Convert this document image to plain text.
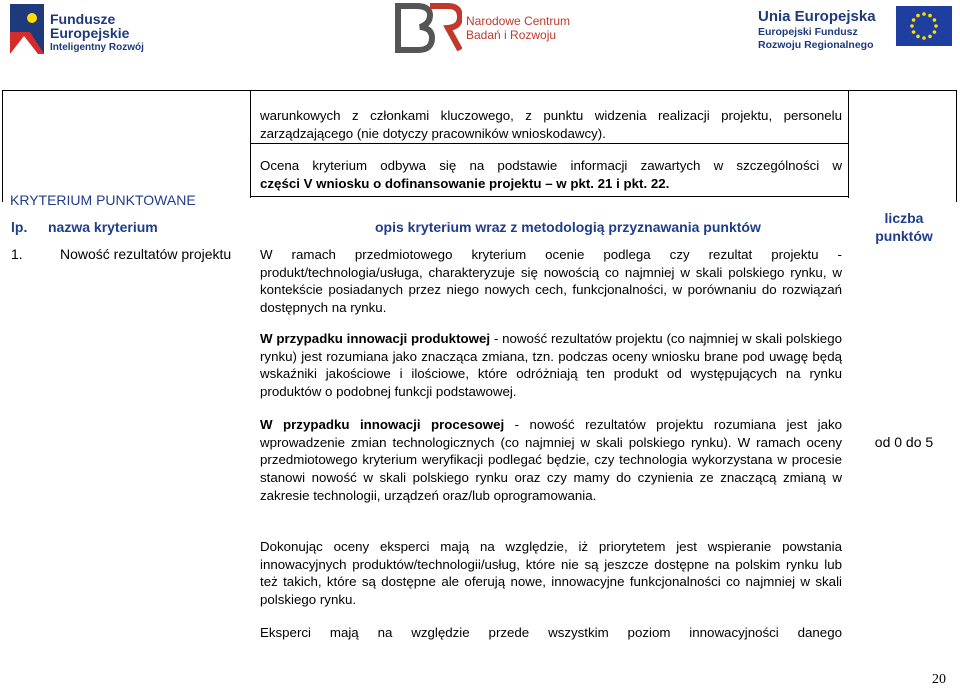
Fundusze
Europejskie
Inteligentny Rozwój
Narodowe Centrum
Badań i Rozwoju
Unia Europejska
Europejski Fundusz
Rozwoju Regionalnego
warunkowych z członkami kluczowego, z punktu widzenia realizacji projektu, personelu zarządzającego (nie dotyczy pracowników wnioskodawcy).
Ocena kryterium odbywa się na podstawie informacji zawartych w szczególności w
części V wniosku o dofinansowanie projektu – w pkt. 21 i pkt. 22.
KRYTERIUM PUNKTOWANE
lp. nazwa kryterium	opis kryterium wraz z metodologią przyznawania punktów
liczba
punktów
1.	Nowość rezultatów projektu W ramach przedmiotowego kryterium ocenie podlega czy rezultat projektu - produkt/technologia/usługa, charakteryzuje się nowością co najmniej w skali polskiego rynku, w kontekście posiadanych przez niego nowych cech, funkcjonalności, w porównaniu do rozwiązań dostępnych na rynku.

W przypadku innowacji produktowej - nowość rezultatów projektu (co najmniej w skali polskiego rynku) jest rozumiana jako znacząca zmiana, tzn. podczas oceny wniosku brane pod uwagę będą wskaźniki jakościowe i ilościowe, które odróżniają ten produkt od występujących na rynku produktów o podobnej funkcji podstawowej.

W przypadku innowacji procesowej - nowość rezultatów projektu rozumiana jest jako wprowadzenie zmian technologicznych (co najmniej w skali polskiego rynku). W ramach oceny przedmiotowego kryterium weryfikacji podlegać będzie, czy technologia wykorzystana w procesie stanowi nowość w skali polskiego rynku oraz czy mamy do czynienia ze znaczącą zmianą w zakresie technologii, urządzeń oraz/lub oprogramowania.

Dokonując oceny eksperci mają na względzie, iż priorytetem jest wspieranie powstania innowacyjnych produktów/technologii/usług, które nie są jeszcze dostępne na polskim rynku lub też takich, które są dostępne ale oferują nowe, innowacyjne funkcjonalności co najmniej w skali polskiego rynku.

Eksperci mają na względzie przede wszystkim poziom innowacyjności danego
od 0 do 5
20
